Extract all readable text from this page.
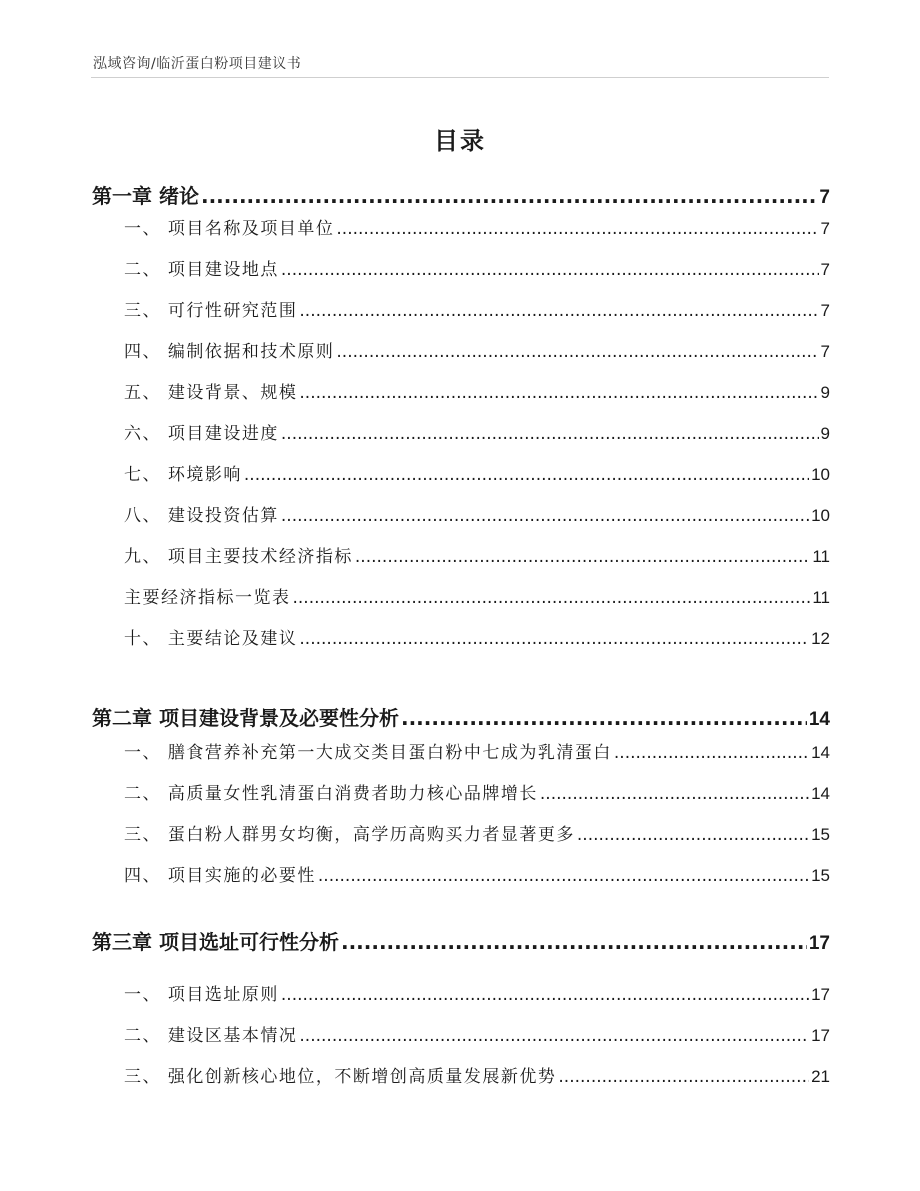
泓域咨询/临沂蛋白粉项目建议书
目录
第一章 绪论 .....	7
一、 项目名称及项目单位 .....	7
二、 项目建设地点 .....	7
三、 可行性研究范围 .....	7
四、 编制依据和技术原则 .....	7
五、 建设背景、规模 .....	9
六、 项目建设进度 .....	9
七、 环境影响 .....	10
八、 建设投资估算 .....	10
九、 项目主要技术经济指标 .....	11
主要经济指标一览表 .....	11
十、 主要结论及建议 .....	12
第二章 项目建设背景及必要性分析 .....	14
一、 膳食营养补充第一大成交类目蛋白粉中七成为乳清蛋白 .....	14
二、 高质量女性乳清蛋白消费者助力核心品牌增长 .....	14
三、 蛋白粉人群男女均衡，高学历高购买力者显著更多 .....	15
四、 项目实施的必要性 .....	15
第三章 项目选址可行性分析 .....	17
一、 项目选址原则 .....	17
二、 建设区基本情况 .....	17
三、 强化创新核心地位，不断增创高质量发展新优势 .....	21
